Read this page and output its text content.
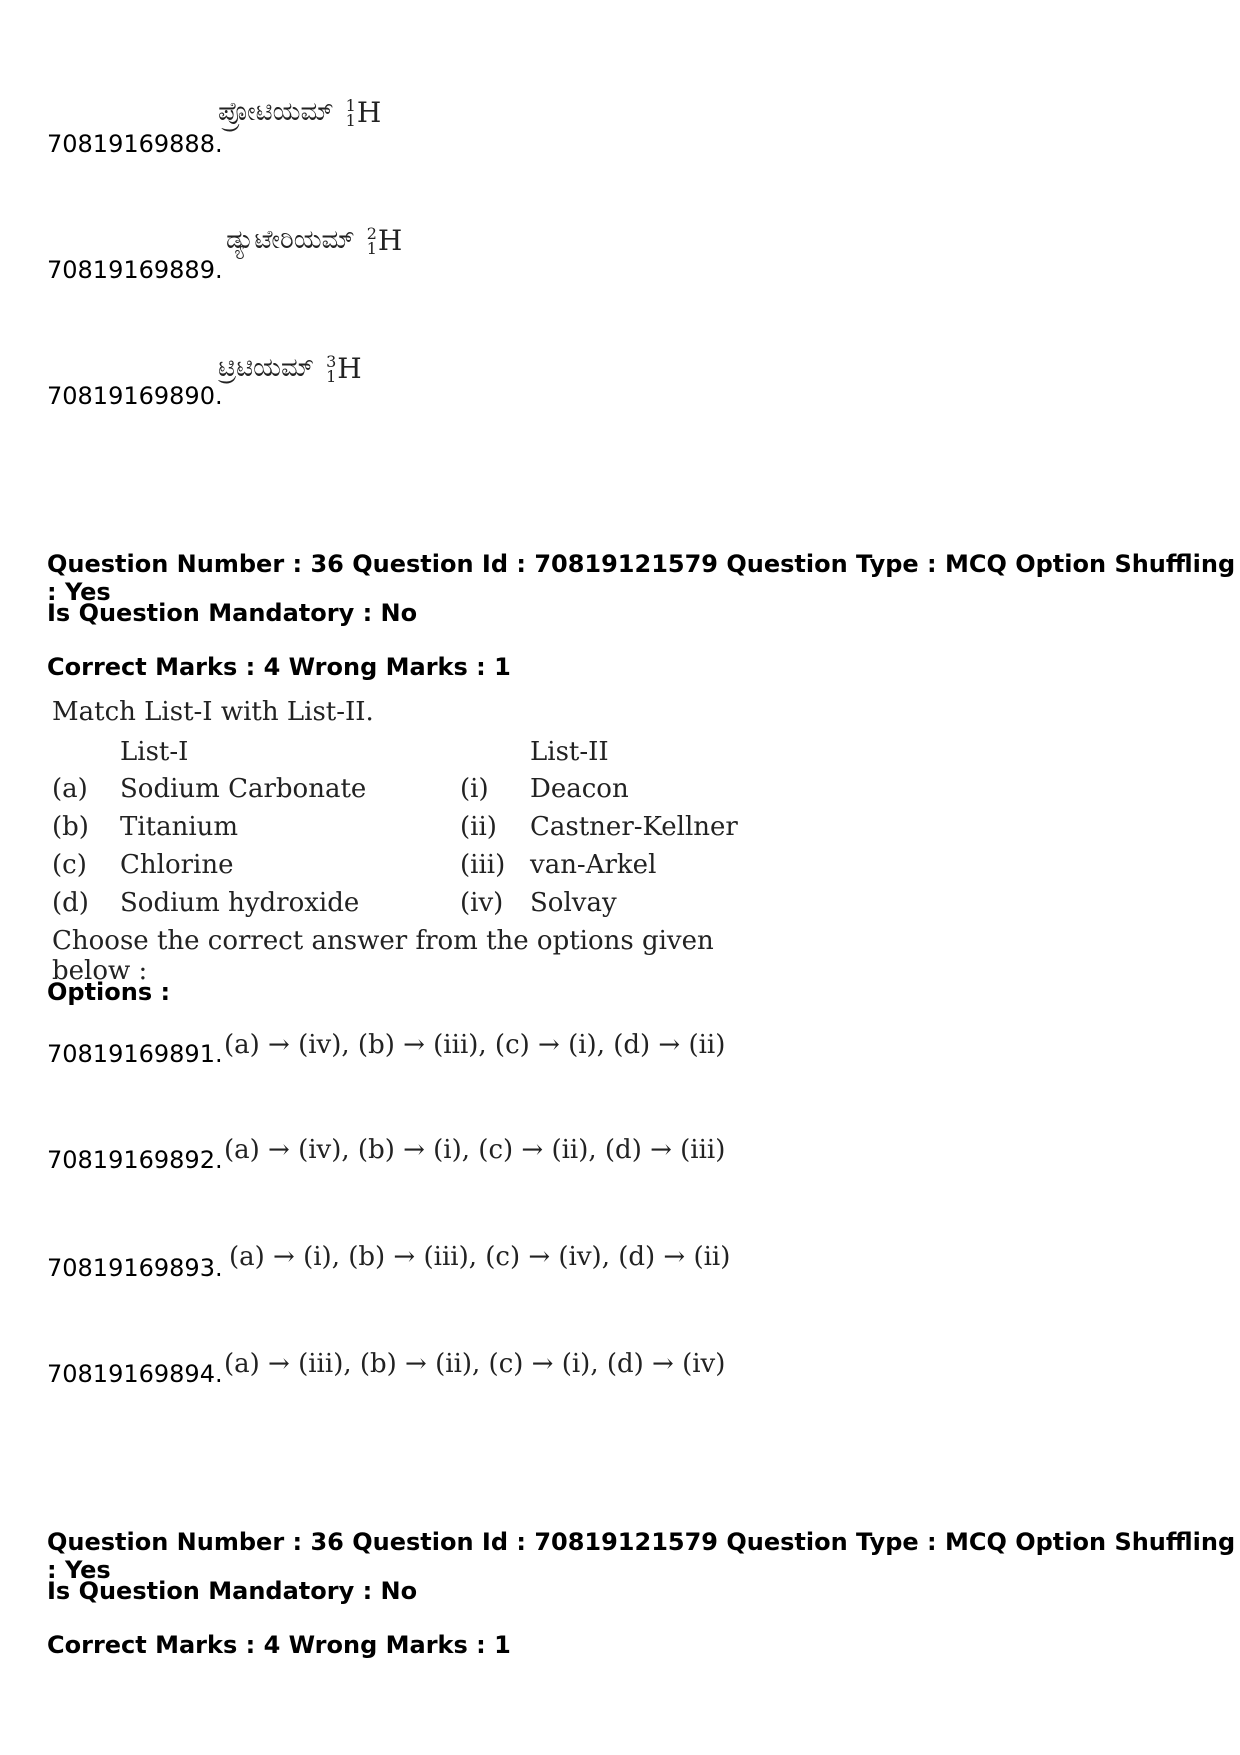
ಪ್ರೋಟಿಯಮ್ 1
1 H
70819169888.
ಡ್ಯುಟೇರಿಯಮ್ 2
1 H
70819169889.
ಟ್ರಿಟಿಯಮ್ 3
1 H
70819169890.
Question Number : 36 Question Id : 70819121579 Question Type : MCQ Option Shuffling : Yes
Is Question Mandatory : No
Correct Marks : 4 Wrong Marks : 1
Match List-I with List-II.
List-I	List-II
(a)	Sodium Carbonate	(i)	Deacon
(b)	Titanium	(ii)	Castner-Kellner
(c)	Chlorine	(iii) van-Arkel
(d)	Sodium hydroxide	(iv)	Solvay
Choose the correct answer from the options given below :
Options :
(a) → (iv), (b) → (iii), (c) → (i), (d) → (ii)
70819169891.
(a) → (iv), (b) → (i), (c) → (ii), (d) → (iii)
70819169892.
(a) → (i), (b) → (iii), (c) → (iv), (d) → (ii)
70819169893.
(a) → (iii), (b) → (ii), (c) → (i), (d) → (iv)
70819169894.
Question Number : 36 Question Id : 70819121579 Question Type : MCQ Option Shuffling : Yes
Is Question Mandatory : No
Correct Marks : 4 Wrong Marks : 1
